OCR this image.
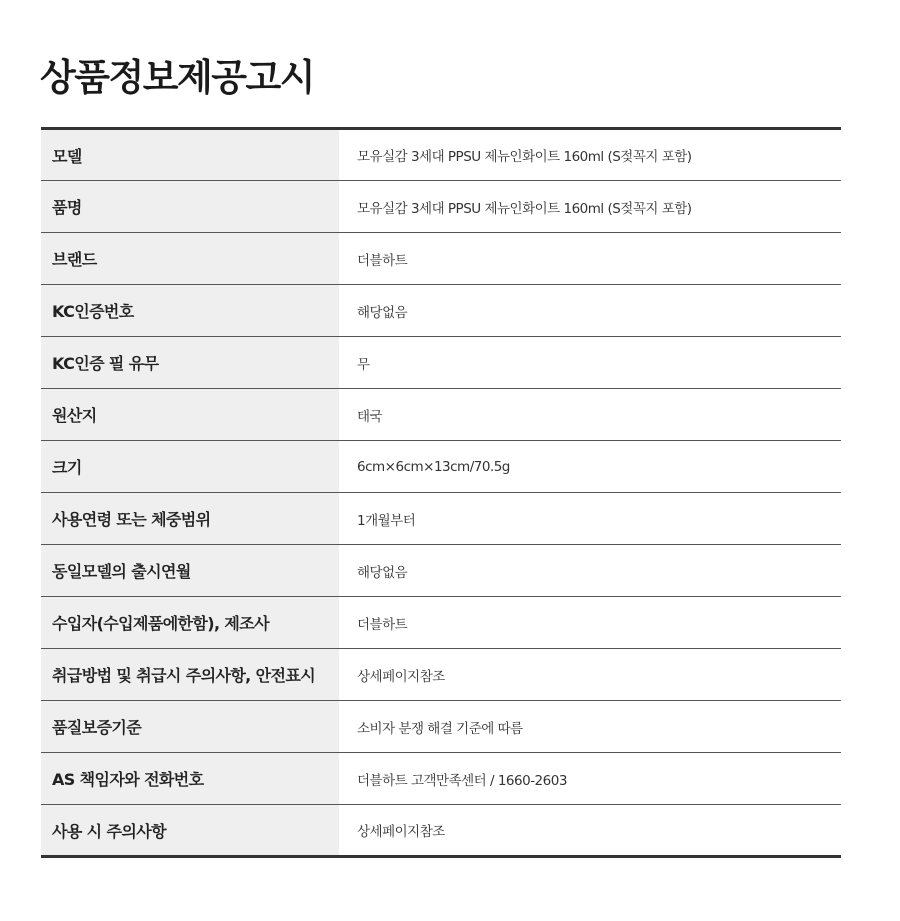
상품정보제공고시
모델	모유실감 3세대 PPSU 제뉴인화이트 160ml (S젖꼭지 포함)
품명	모유실감 3세대 PPSU 제뉴인화이트 160ml (S젖꼭지 포함)
브랜드	더블하트
KC인증번호	해당없음
KC인증 필 유무	무
원산지	태국
크기	6cm×6cm×13cm/70.5g
사용연령 또는 체중범위	1개월부터
동일모델의 출시연월	해당없음
수입자(수입제품에한함), 제조사	더블하트
취급방법 및 취급시 주의사항, 안전표시	상세페이지참조
품질보증기준	소비자 분쟁 해결 기준에 따름
AS 책임자와 전화번호	더블하트 고객만족센터 / 1660-2603
사용 시 주의사항	상세페이지참조
